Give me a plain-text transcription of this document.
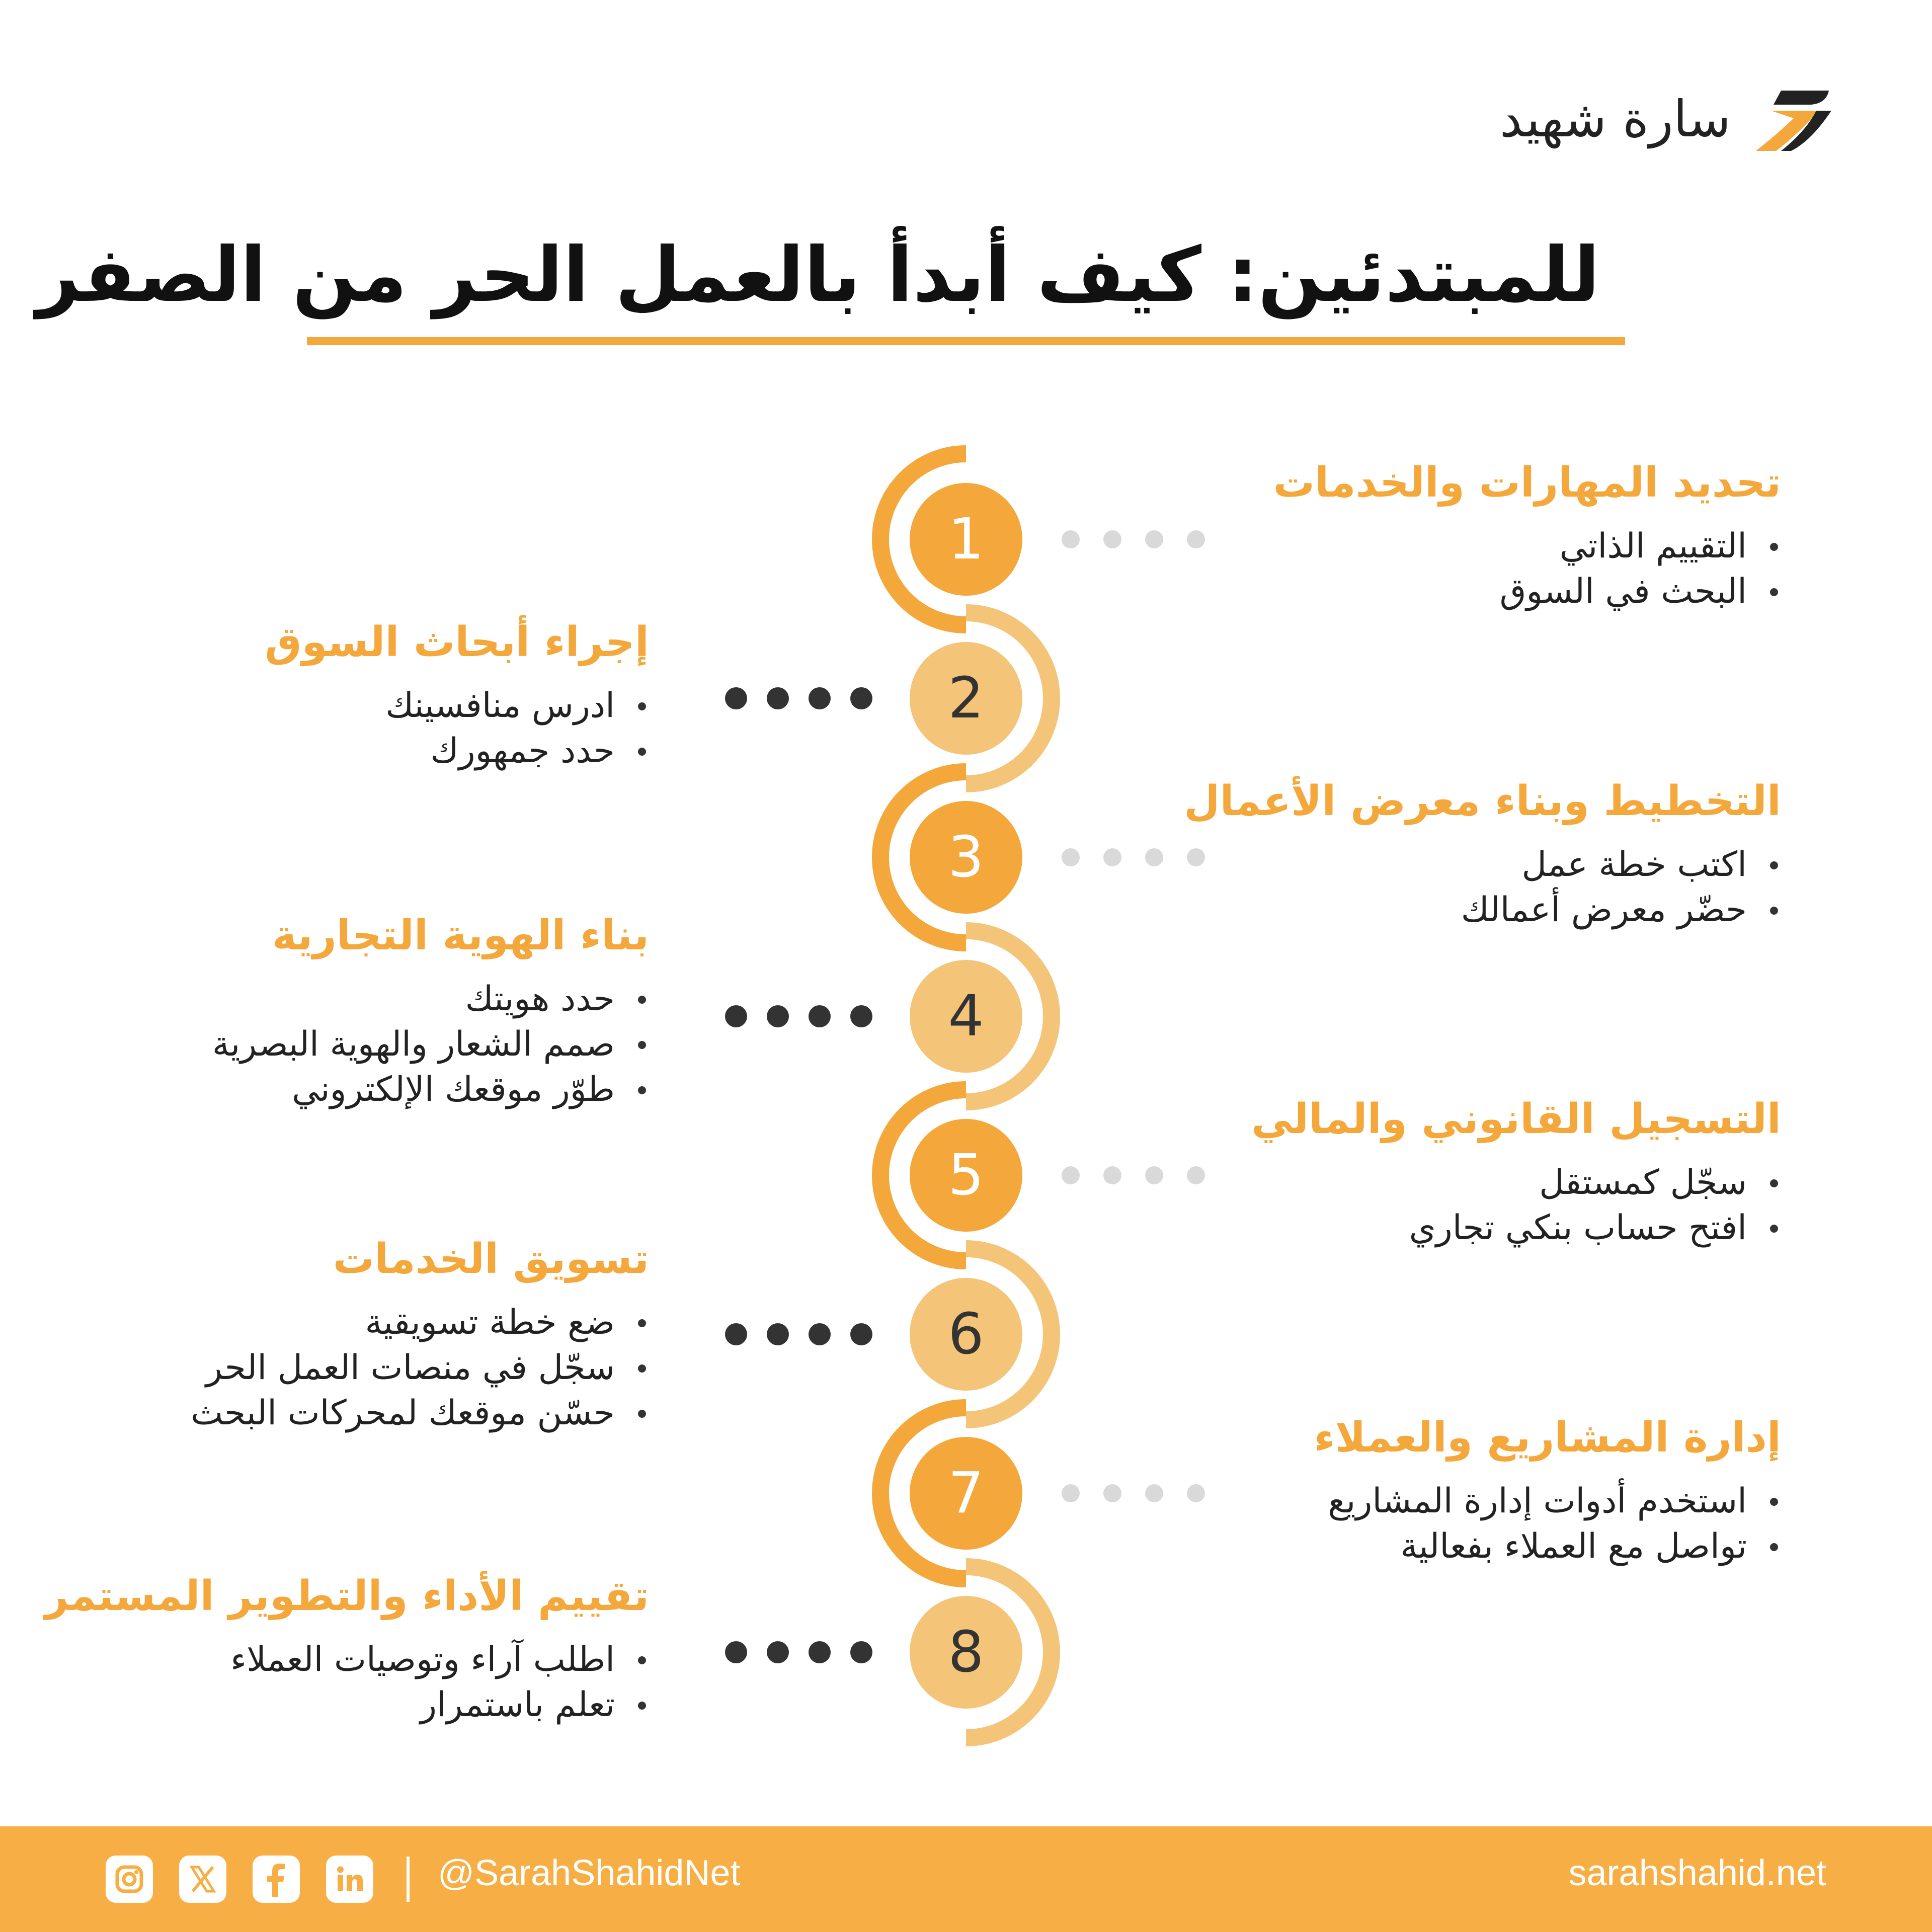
سارة شهيد
للمبتدئين: كيف أبدأ بالعمل الحر من الصفر
1
2
3
4
5
6
7
8
تحديد المهارات والخدمات
التقييم الذاتي
البحث في السوق
إجراء أبحاث السوق
ادرس منافسينك
حدد جمهورك
التخطيط وبناء معرض الأعمال
اكتب خطة عمل
حضّر معرض أعمالك
بناء الهوية التجارية
حدد هويتك
صمم الشعار والهوية البصرية
طوّر موقعك الإلكتروني
التسجيل القانوني والمالي
سجّل كمستقل
افتح حساب بنكي تجاري
تسويق الخدمات
ضع خطة تسويقية
سجّل في منصات العمل الحر
حسّن موقعك لمحركات البحث
إدارة المشاريع والعملاء
استخدم أدوات إدارة المشاريع
تواصل مع العملاء بفعالية
تقييم الأداء والتطوير المستمر
اطلب آراء وتوصيات العملاء
تعلم باستمرار
@SarahShahidNet	sarahshahid.net
